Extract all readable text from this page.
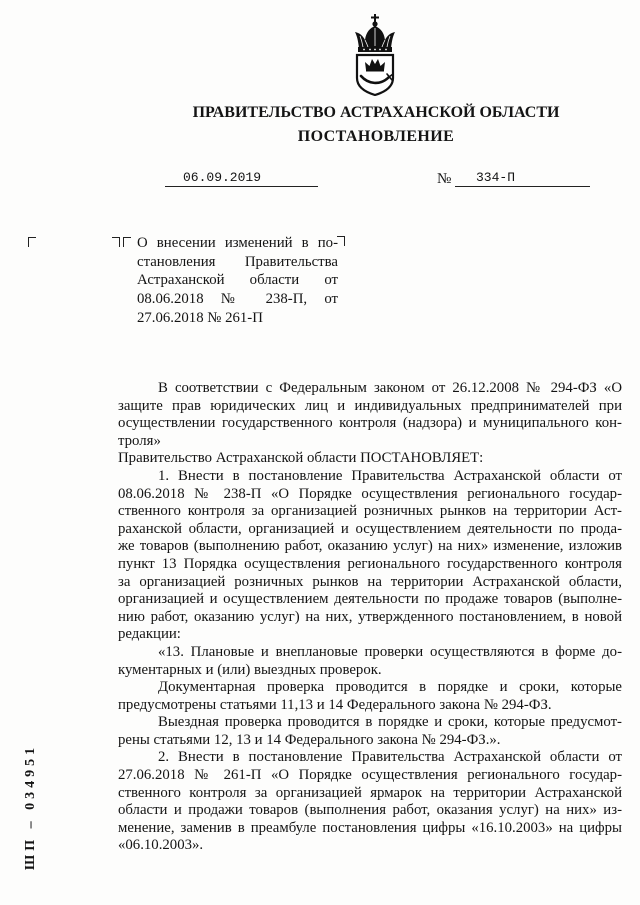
ПРАВИТЕЛЬСТВО АСТРАХАНСКОЙ ОБЛАСТИ
ПОСТАНОВЛЕНИЕ
06.09.2019	№ 334-П
О внесении изменений в по-
становления Правительства
Астраханской области от
08.06.2018 № 238-П, от
27.06.2018 № 261-П
В соответствии с Федеральным законом от 26.12.2008 № 294-ФЗ «О
защите прав юридических лиц и индивидуальных предпринимателей при
осуществлении государственного контроля (надзора) и муниципального кон-
троля»
Правительство Астраханской области ПОСТАНОВЛЯЕТ:
1. Внести в постановление Правительства Астраханской области от
08.06.2018 № 238-П «О Порядке осуществления регионального государ-
ственного контроля за организацией розничных рынков на территории Аст-
раханской области, организацией и осуществлением деятельности по прода-
же товаров (выполнению работ, оказанию услуг) на них» изменение, изложив
пункт 13 Порядка осуществления регионального государственного контроля
за организацией розничных рынков на территории Астраханской области,
организацией и осуществлением деятельности по продаже товаров (выполне-
нию работ, оказанию услуг) на них, утвержденного постановлением, в новой
редакции:
«13. Плановые и внеплановые проверки осуществляются в форме до-
кументарных и (или) выездных проверок.
Документарная проверка проводится в порядке и сроки, которые
предусмотрены статьями 11,13 и 14 Федерального закона № 294-ФЗ.
Выездная проверка проводится в порядке и сроки, которые предусмот-
рены статьями 12, 13 и 14 Федерального закона № 294-ФЗ.».
2. Внести в постановление Правительства Астраханской области от
27.06.2018 № 261-П «О Порядке осуществления регионального государ-
ственного контроля за организацией ярмарок на территории Астраханской
области и продажи товаров (выполнения работ, оказания услуг) на них» из-
менение, заменив в преамбуле постановления цифры «16.10.2003» на цифры
«06.10.2003».
ШП – 034951
